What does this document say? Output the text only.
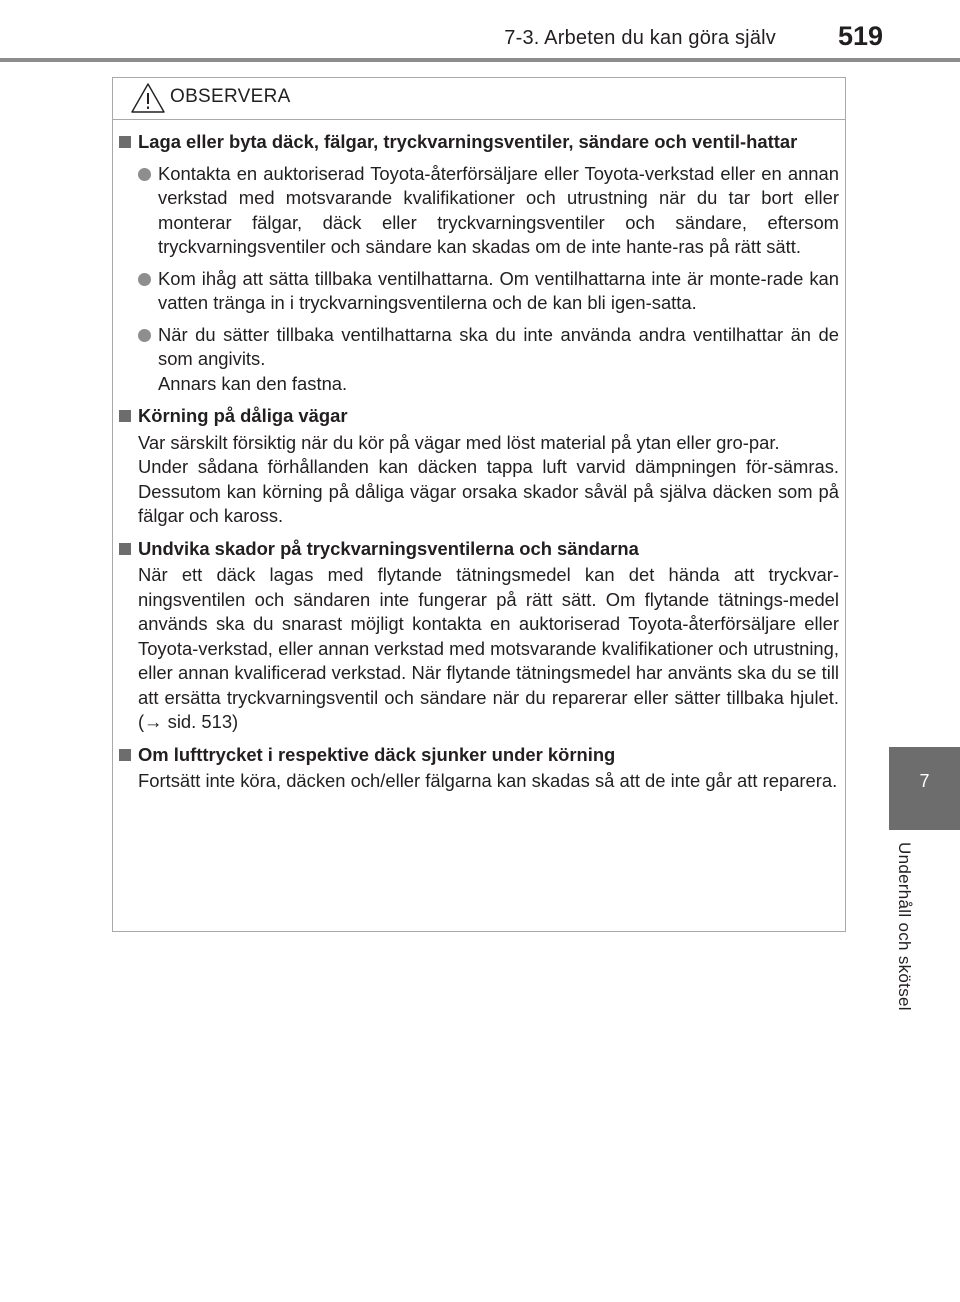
7-3. Arbeten du kan göra själv 519
7
Underhåll och skötsel
OBSERVERA
Laga eller byta däck, fälgar, tryckvarningsventiler, sändare och ventil-hattar
Kontakta en auktoriserad Toyota-återförsäljare eller Toyota-verkstad eller en annan verkstad med motsvarande kvalifikationer och utrustning när du tar bort eller monterar fälgar, däck eller tryckvarningsventiler och sändare, eftersom tryckvarningsventiler och sändare kan skadas om de inte hante-ras på rätt sätt.
Kom ihåg att sätta tillbaka ventilhattarna. Om ventilhattarna inte är monte-rade kan vatten tränga in i tryckvarningsventilerna och de kan bli igen-satta.
När du sätter tillbaka ventilhattarna ska du inte använda andra ventilhattar än de som angivits.
Annars kan den fastna.
Körning på dåliga vägar
Var särskilt försiktig när du kör på vägar med löst material på ytan eller gro-par.
Under sådana förhållanden kan däcken tappa luft varvid dämpningen för-sämras. Dessutom kan körning på dåliga vägar orsaka skador såväl på själva däcken som på fälgar och kaross.
Undvika skador på tryckvarningsventilerna och sändarna
När ett däck lagas med flytande tätningsmedel kan det hända att tryckvar-ningsventilen och sändaren inte fungerar på rätt sätt. Om flytande tätnings-medel används ska du snarast möjligt kontakta en auktoriserad Toyota-återförsäljare eller Toyota-verkstad, eller annan verkstad med motsvarande kvalifikationer och utrustning, eller annan kvalificerad verkstad. När flytande tätningsmedel har använts ska du se till att ersätta tryckvarningsventil och sändare när du reparerar eller sätter tillbaka hjulet. (→ sid. 513)
Om lufttrycket i respektive däck sjunker under körning
Fortsätt inte köra, däcken och/eller fälgarna kan skadas så att de inte går att reparera.
